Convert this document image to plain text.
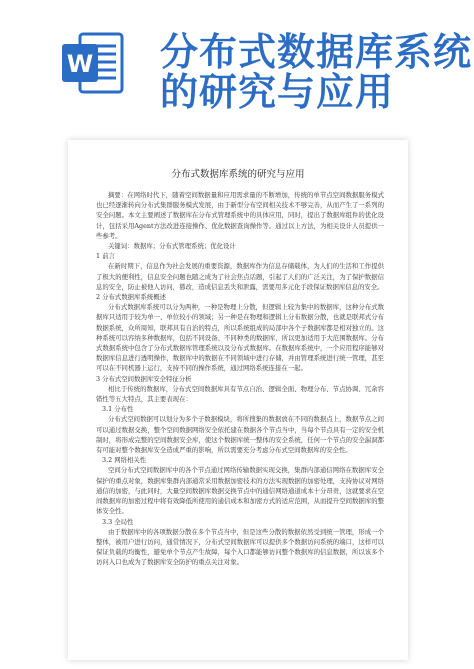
W 分布式数据库系统
的研究与应用
分布式数据库系统的研究与应用

摘要：在网络时代下，随着空间数据量和应用需求量的不断增加，传统的单节点空间数据服务模式也已经逐渐转向分布式集群服务模式发展，由于新型分布空间相关技术不够完善，从而产生了一系列的安全问题。本文主要阐述了数据库在分布式管理系统中的具体应用，同时，提出了数据库组件的优化设计，包括采用Agent方法改进连接操作、优化数据查询操作等。通过以上方法，为相关设计人员提供一些参考。

关键词：数据库；分布式管理系统；优化设计

1 前言

在新时期下，信息作为社会发展的重要资源，数据库作为信息存储载体，为人们的生活和工作提供了极大的便利性，信息安全问题也随之成为了社会焦点话题，引起了人们的广泛关注，为了保护数据信息的安全，防止被他人访问，篡改，造成信息丢失和泄露，需要用多元化手段保证数据库信息的安全。

2 分布式数据库系统概述

分布式数据库系统可以分为两种，一种是物理上分散，但逻辑上较为集中的数据库，这种分布式数据库只适用于较为单一、单位较小的领域；另一种是在物理和逻辑上分布数据分散，也就是联邦式分布数据系统，众所周知，联邦具有自治的特点，所以系统组成的局部中各个子数据库都是相对独立的。这种系统可以容纳多种数据库，包括不同设备、不同种类的数据库，所以更加适用于大范围数据库。分布式数据系统中包含了分布式数据库管理系统以及分布式数据库。在数据库系统中，一个应用程序能够对数据库信息进行透明操作，数据库中的数据在不同领域中进行存储，并由管理系统进行统一管理，甚至可以在不同机器上运行，支持不同的操作系统，通过网络系统连接在一起。

3 分布式空间数据库安全特征分析

相比于传统的数据库，分布式空间数据库具有节点自治、逻辑全面、物理分布、节点协调、冗余容错性等五大特点，其主要表现在：

3.1 分布性

分布式空间数据可以划分为多个子数据模块，将所搜集的数据放在不同的数据点上，数据节点之间可以通过数据交换，整个空间数据网络安全依托建在数据各个节点当中，当每个节点具有一定的安全机制时，将形成完整的空间数据安全库，使这个数据库统一整体的安全系统，任何一个节点的安全漏洞都有可能对整个数据库安全造成严重的影响，所以需要充分考虑分布式空间数据库的安全性。

3.2 网络相关性

空间分布式空间数据库中的各个节点通过网络传输数据实现交换，集群内部通信网络在数据库安全保护的重点对象，数据库集群内部通常采用数据加密技术的方法实现数据的加密处理，支持协议对网络通信的加密，与此同时，大量空间数据库数据交换节点中的通信网络通道成本十分昂贵，这就要求在空间数据库的加密过程中将有效降低所使用的通信成本和加密方式的适应范围，从而提升空间数据库的整体安全性。

3.3 全局性

由于数据库中的各项数据分散在多个节点当中，但是这些分散的数据依然受到统一管理，形成一个整体，被用户进行访问，通常情况下，分布式空间数据库可以提供多个数据访问系统的端口，这样可以保证负载的均衡性，避免单个节点产生故障，每个入口都能够访问整个数据库的信息数据，所以该多个访问入口也成为了数据库安全防护的重点关注对象。
